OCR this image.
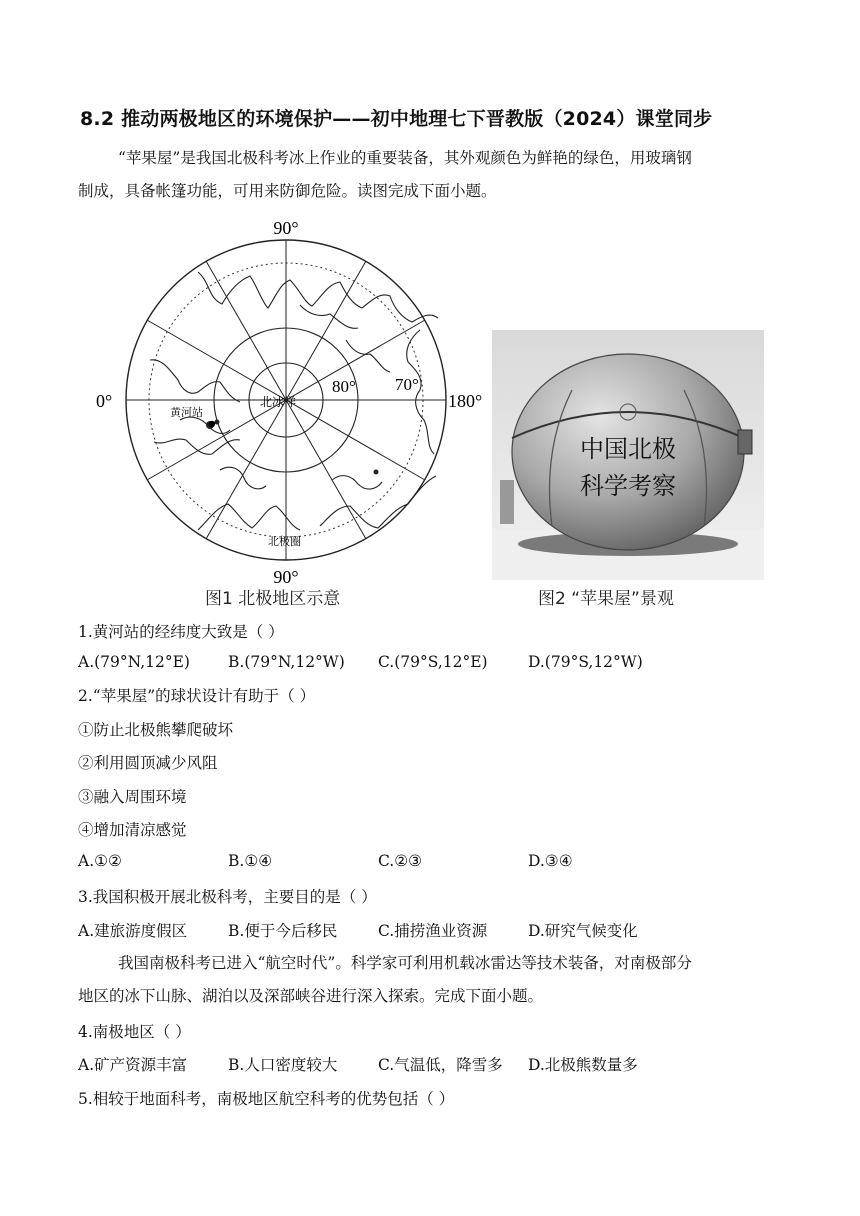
8.2 推动两极地区的环境保护——初中地理七下晋教版（2024）课堂同步
“苹果屋”是我国北极科考冰上作业的重要装备，其外观颜色为鲜艳的绿色，用玻璃钢
制成，具备帐篷功能，可用来防御危险。读图完成下面小题。
90°
90°
0°	180°
80° 70°
北冰洋
黄河站
北极圈
图1 北极地区示意
中国北极
科学考察
图2 “苹果屋”景观
1.黄河站的经纬度大致是（ ）
A.(79°N,12°E) B.(79°N,12°W) C.(79°S,12°E)	D.(79°S,12°W)
2.“苹果屋”的球状设计有助于（ ）
①防止北极熊攀爬破坏
②利用圆顶减少风阻
③融入周围环境
④增加清凉感觉
A.①②	B.①④	C.②③	D.③④
3.我国积极开展北极科考，主要目的是（ ）
A.建旅游度假区	B.便于今后移民	C.捕捞渔业资源	D.研究气候变化
我国南极科考已进入“航空时代”。科学家可利用机载冰雷达等技术装备，对南极部分
地区的冰下山脉、湖泊以及深部峡谷进行深入探索。完成下面小题。
4.南极地区（ ）
A.矿产资源丰富	B.人口密度较大	C.气温低，降雪多 D.北极熊数量多
5.相较于地面科考，南极地区航空科考的优势包括（ ）
